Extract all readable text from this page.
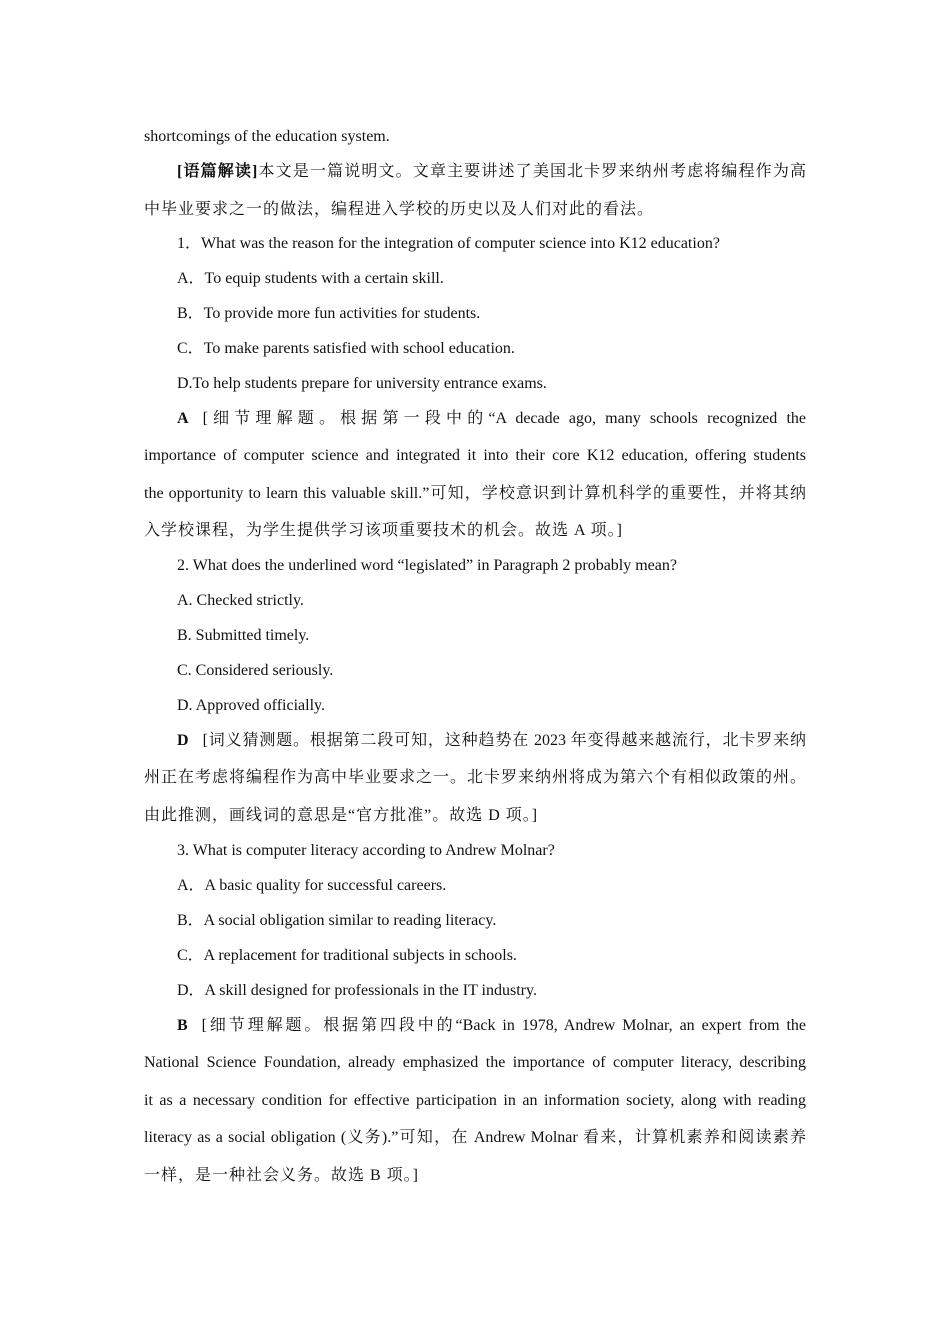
shortcomings of the education system.
[语篇解读]本文是一篇说明文。文章主要讲述了美国北卡罗来纳州考虑将编程作为高
中毕业要求之一的做法，编程进入学校的历史以及人们对此的看法。
1．What was the reason for the integration of computer science into K12 education?
A．To equip students with a certain skill.
B．To provide more fun activities for students.
C．To make parents satisfied with school education.
D.To help students prepare for university entrance exams.
A [细节理解题。根据第一段中的“A decade ago, many schools recognized the
importance of computer science and integrated it into their core K12 education, offering students
the opportunity to learn this valuable skill.”可知，学校意识到计算机科学的重要性，并将其纳
入学校课程，为学生提供学习该项重要技术的机会。故选 A 项。]
2. What does the underlined word “legislated” in Paragraph 2 probably mean?
A. Checked strictly.
B. Submitted timely.
C. Considered seriously.
D. Approved officially.
D [词义猜测题。根据第二段可知，这种趋势在 2023 年变得越来越流行，北卡罗来纳
州正在考虑将编程作为高中毕业要求之一。北卡罗来纳州将成为第六个有相似政策的州。
由此推测，画线词的意思是“官方批准”。故选 D 项。]
3. What is computer literacy according to Andrew Molnar?
A．A basic quality for successful careers.
B．A social obligation similar to reading literacy.
C．A replacement for traditional subjects in schools.
D．A skill designed for professionals in the IT industry.
B [细节理解题。根据第四段中的“Back in 1978, Andrew Molnar, an expert from the
National Science Foundation, already emphasized the importance of computer literacy, describing
it as a necessary condition for effective participation in an information society, along with reading
literacy as a social obligation (义务).”可知，在 Andrew Molnar 看来，计算机素养和阅读素养
一样，是一种社会义务。故选 B 项。]
